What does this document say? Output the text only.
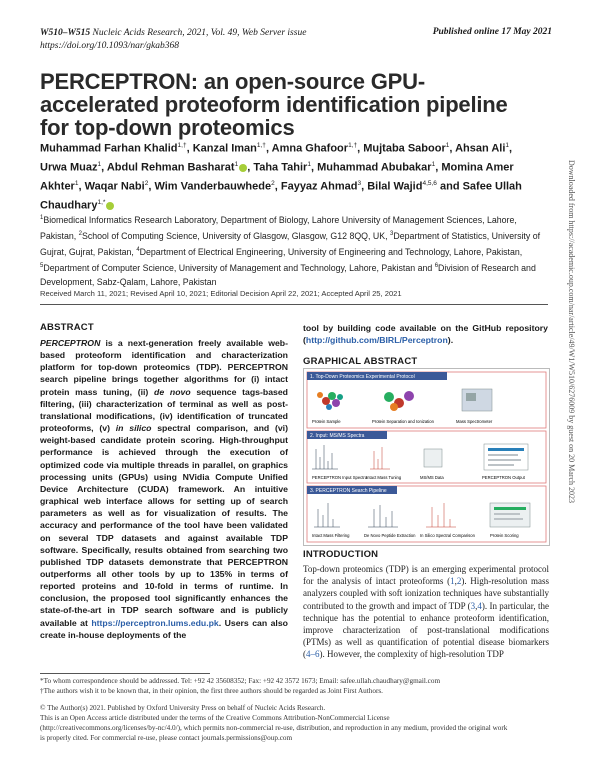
W510–W515 Nucleic Acids Research, 2021, Vol. 49, Web Server issue
https://doi.org/10.1093/nar/gkab368
Published online 17 May 2021
PERCEPTRON: an open-source GPU-accelerated proteoform identification pipeline for top-down proteomics
Muhammad Farhan Khalid$^{1,\dagger}$, Kanzal Iman$^{1,\dagger}$, Amna Ghafoor$^{1,\dagger}$, Mujtaba Saboor$^1$, Ahsan Ali$^1$, Urwa Muaz$^1$, Abdul Rehman Basharat$^1$ , Taha Tahir$^1$, Muhammad Abubakar$^1$, Momina Amer Akhter$^1$, Waqar Nabi$^2$, Wim Vanderbauwhede$^2$, Fayyaz Ahmad$^3$, Bilal Wajid$^{4,5,6}$ and Safee Ullah Chaudhary$^{1,*}$
$^1$Biomedical Informatics Research Laboratory, Department of Biology, Lahore University of Management Sciences, Lahore, Pakistan, $^2$School of Computing Science, University of Glasgow, Glasgow, G12 8QQ, UK, $^3$Department of Statistics, University of Gujrat, Gujrat, Pakistan, $^4$Department of Electrical Engineering, University of Engineering and Technology, Lahore, Pakistan, $^5$Department of Computer Science, University of Management and Technology, Lahore, Pakistan and $^6$Division of Research and Development, Sabz-Qalam, Lahore, Pakistan
Received March 11, 2021; Revised April 10, 2021; Editorial Decision April 22, 2021; Accepted April 25, 2021
ABSTRACT
PERCEPTRON is a next-generation freely available web-based proteoform identification and characterization platform for top-down proteomics (TDP). PERCEPTRON search pipeline brings together algorithms for (i) intact protein mass tuning, (ii) de novo sequence tags-based filtering, (iii) characterization of terminal as well as post-translational modifications, (iv) identification of truncated proteoforms, (v) in silico spectral comparison, and (vi) weight-based candidate protein scoring. High-throughput performance is achieved through the execution of optimized code via multiple threads in parallel, on graphics processing units (GPUs) using NVidia Compute Unified Device Architecture (CUDA) framework. An intuitive graphical web interface allows for setting up of search parameters as well as for visualization of results. The accuracy and performance of the tool have been validated on several TDP datasets and against available TDP software. Specifically, results obtained from searching two published TDP datasets demonstrate that PERCEPTRON outperforms all other tools by up to 135% in terms of reported proteins and 10-fold in terms of runtime. In conclusion, the proposed tool significantly enhances the state-of-the-art in TDP search software and is publicly available at https://perceptron.lums.edu.pk. Users can also create in-house deployments of the
tool by building code available on the GitHub repository (http://github.com/BIRL/Perceptron).
GRAPHICAL ABSTRACT
1. Top-Down Proteomics Experimental Protocol
Protein Sample	Protein Separation and Ionization	Mass Spectrometer
2. Input: MS/MS Spectra
PERCEPTRON Input Spectra
Intact Mass Tuning	MS/MS Data	PERCEPTRON Output
3. PERCEPTRON Search Pipeline
Intact Mass Filtering	De Novo Peptide Extraction In Silico Spectral Comparison	Protein Scoring
INTRODUCTION
Top-down proteomics (TDP) is an emerging experimental protocol for the analysis of intact proteoforms (1,2). High-resolution mass analyzers coupled with soft ionization techniques have substantially contributed to the growth and impact of TDP (3,4). In particular, the technique has the potential to enhance proteoform identification, improve characterization of post-translational modifications (PTMs) as well as quantification of potential disease biomarkers (4–6). However, the complexity of high-resolution TDP
*To whom correspondence should be addressed. Tel: +92 42 35608352; Fax: +92 42 3572 1673; Email: safee.ullah.chaudhary@gmail.com
†The authors wish it to be known that, in their opinion, the first three authors should be regarded as Joint First Authors.
© The Author(s) 2021. Published by Oxford University Press on behalf of Nucleic Acids Research.
This is an Open Access article distributed under the terms of the Creative Commons Attribution-NonCommercial License
(http://creativecommons.org/licenses/by-nc/4.0/), which permits non-commercial re-use, distribution, and reproduction in any medium, provided the original work
is properly cited. For commercial re-use, please contact journals.permissions@oup.com
Downloaded from https://academic.oup.com/nar/article/49/W1/W510/6276009 by guest on 20 March 2023
